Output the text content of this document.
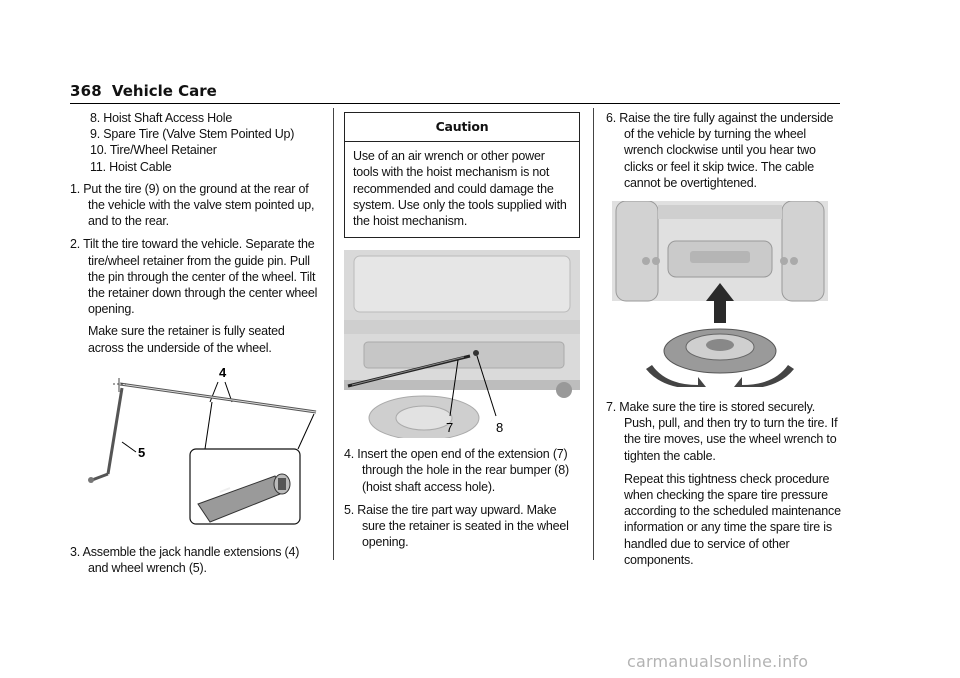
368 Vehicle Care
8. Hoist Shaft Access Hole
9. Spare Tire (Valve Stem Pointed Up)
10. Tire/Wheel Retainer
11. Hoist Cable
1. Put the tire (9) on the ground at the rear of the vehicle with the valve stem pointed up, and to the rear.
2. Tilt the tire toward the vehicle. Separate the tire/wheel retainer from the guide pin. Pull the pin through the center of the wheel. Tilt the retainer down through the center wheel opening.
Make sure the retainer is fully seated across the underside of the wheel.
4
5
3. Assemble the jack handle extensions (4) and wheel wrench (5).
Caution
Use of an air wrench or other power tools with the hoist mechanism is not recommended and could damage the system. Use only the tools supplied with the hoist mechanism.
7	8
4. Insert the open end of the extension (7) through the hole in the rear bumper (8) (hoist shaft access hole).
5. Raise the tire part way upward. Make sure the retainer is seated in the wheel opening.
6. Raise the tire fully against the underside of the vehicle by turning the wheel wrench clockwise until you hear two clicks or feel it skip twice. The cable cannot be overtightened.
7. Make sure the tire is stored securely. Push, pull, and then try to turn the tire. If the tire moves, use the wheel wrench to tighten the cable.
Repeat this tightness check procedure when checking the spare tire pressure according to the scheduled maintenance information or any time the spare tire is handled due to service of other components.
carmanualsonline.info
